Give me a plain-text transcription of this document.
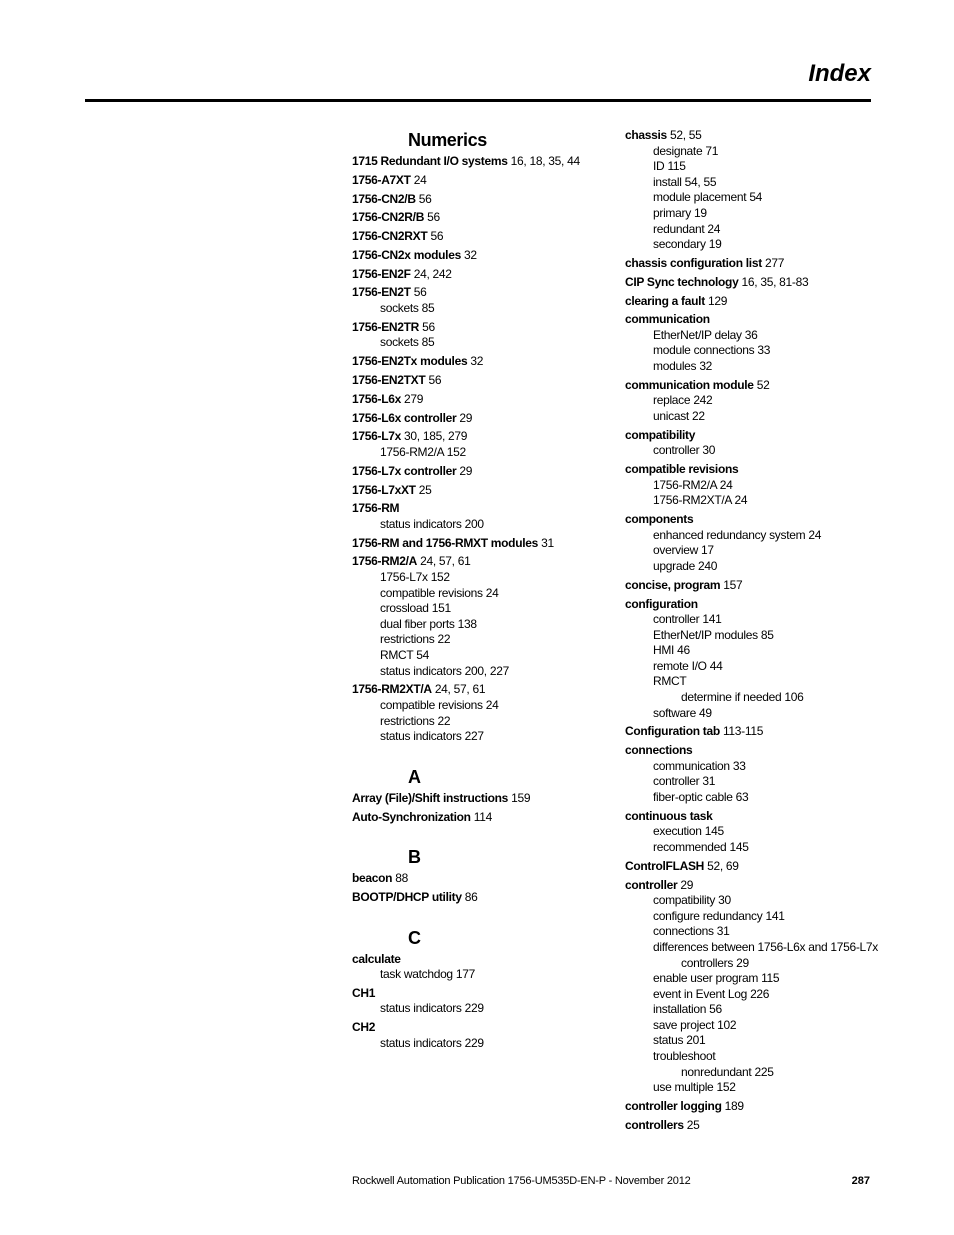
Index
Numerics
1715 Redundant I/O systems 16, 18, 35, 44
1756-A7XT 24
1756-CN2/B 56
1756-CN2R/B 56
1756-CN2RXT 56
1756-CN2x modules 32
1756-EN2F 24, 242
1756-EN2T 56
sockets 85
1756-EN2TR 56
sockets 85
1756-EN2Tx modules 32
1756-EN2TXT 56
1756-L6x 279
1756-L6x controller 29
1756-L7x 30, 185, 279
1756-RM2/A 152
1756-L7x controller 29
1756-L7xXT 25
1756-RM
status indicators 200
1756-RM and 1756-RMXT modules 31
1756-RM2/A 24, 57, 61
1756-L7x 152
compatible revisions 24
crossload 151
dual fiber ports 138
restrictions 22
RMCT 54
status indicators 200, 227
1756-RM2XT/A 24, 57, 61
compatible revisions 24
restrictions 22
status indicators 227
A
Array (File)/Shift instructions 159
Auto-Synchronization 114
B
beacon 88
BOOTP/DHCP utility 86
C
calculate
task watchdog 177
CH1
status indicators 229
CH2
status indicators 229
chassis 52, 55
designate 71
ID 115
install 54, 55
module placement 54
primary 19
redundant 24
secondary 19
chassis configuration list 277
CIP Sync technology 16, 35, 81-83
clearing a fault 129
communication
EtherNet/IP delay 36
module connections 33
modules 32
communication module 52
replace 242
unicast 22
compatibility
controller 30
compatible revisions
1756-RM2/A 24
1756-RM2XT/A 24
components
enhanced redundancy system 24
overview 17
upgrade 240
concise, program 157
configuration
controller 141
EtherNet/IP modules 85
HMI 46
remote I/O 44
RMCT
determine if needed 106
software 49
Configuration tab 113-115
connections
communication 33
controller 31
fiber-optic cable 63
continuous task
execution 145
recommended 145
ControlFLASH 52, 69
controller 29
compatibility 30
configure redundancy 141
connections 31
differences between 1756-L6x and 1756-L7x
controllers 29
enable user program 115
event in Event Log 226
installation 56
save project 102
status 201
troubleshoot
nonredundant 225
use multiple 152
controller logging 189
controllers 25
Rockwell Automation Publication 1756-UM535D-EN-P - November 2012	287
